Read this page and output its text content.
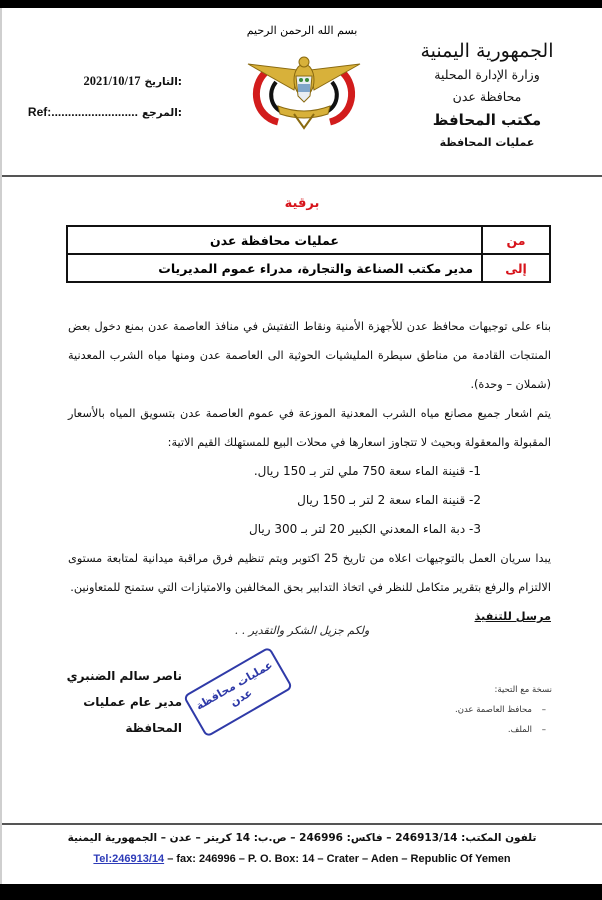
بسم الله الرحمن الرحيم
الجمهورية اليمنية
وزارة الإدارة المحلية
محافظة عدن
مكتب المحافظ
عمليات المحافظة
2021/10/17 التاريخ:
Ref:.......................... المرجع:
برقية
من	عمليات محافظة عدن
إلى	مدير مكتب الصناعة والتجارة، مدراء عموم المديريات

بناء على توجيهات محافظ عدن للأجهزة الأمنية ونقاط التفتيش في منافذ العاصمة عدن بمنع دخول بعض المنتجات القادمة من مناطق سيطرة المليشيات الحوثية الى العاصمة عدن ومنها مياه الشرب المعدنية (شملان – وحدة).

يتم اشعار جميع مصانع مياه الشرب المعدنية الموزعة في عموم العاصمة عدن بتسويق المياه بالأسعار المقبولة والمعقولة وبحيث لا تتجاوز اسعارها في محلات البيع للمستهلك القيم الاتية:

1- قنينة الماء سعة 750 ملي لتر بـ 150 ريال.
2- قنينة الماء سعة 2 لتر بـ 150 ريال
3- دبة الماء المعدني الكبير 20 لتر بـ 300 ريال

يبدا سريان العمل بالتوجيهات اعلاه من تاريخ 25 اكتوبر ويتم تنظيم فرق مراقبة ميدانية لمتابعة مستوى الالتزام والرفع بتقرير متكامل للنظر في اتخاذ التدابير بحق المخالفين والامتيازات التي ستمنح للمتعاونين.

مرسل للتنفيذ

ولكم جزيل الشكر والتقدير . .
ناصر سالم الضنبري
مدير عام عمليات المحافظة
عمليات محافظة عدن	نسخة مع التحية:
–محافظ العاصمة عدن.
–الملف.
تلفون المكتب: 246913/14 – فاكس: 246996 – ص.ب: 14 كريتر – عدن – الجمهورية اليمنية
Tel:246913/14 – fax: 246996 – P. O. Box: 14 – Crater – Aden – Republic Of Yemen
